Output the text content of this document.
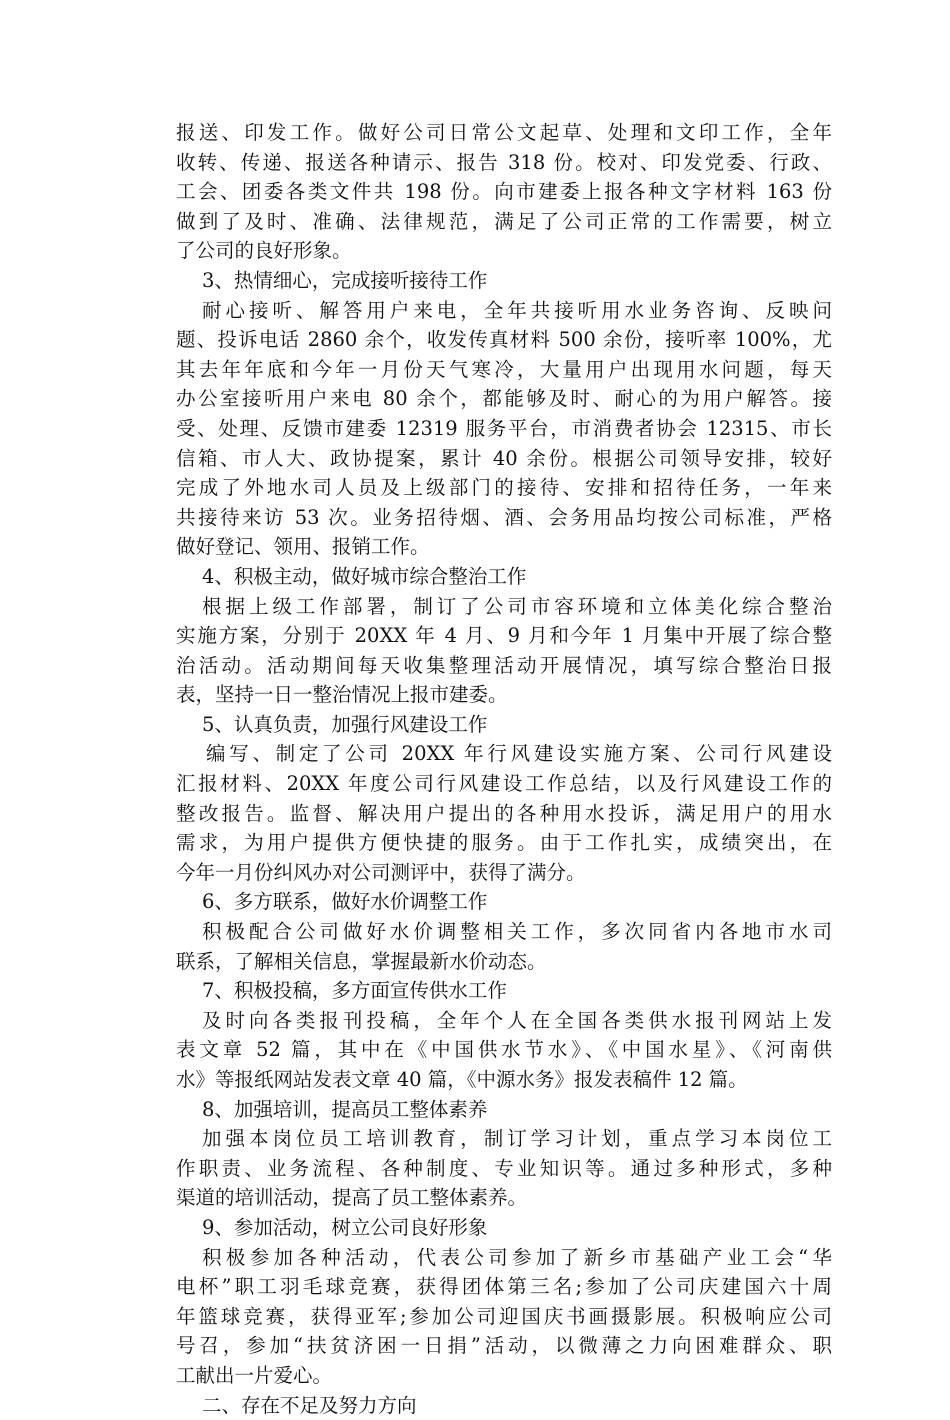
报送、印发工作。做好公司日常公文起草、处理和文印工作，全年
收转、传递、报送各种请示、报告 318 份。校对、印发党委、行政、
工会、团委各类文件共 198 份。向市建委上报各种文字材料 163 份
做到了及时、准确、法律规范，满足了公司正常的工作需要，树立
了公司的良好形象。
3、热情细心，完成接听接待工作
耐心接听、解答用户来电，全年共接听用水业务咨询、反映问
题、投诉电话 2860 余个，收发传真材料 500 余份，接听率 100%，尤
其去年年底和今年一月份天气寒冷，大量用户出现用水问题，每天
办公室接听用户来电 80 余个，都能够及时、耐心的为用户解答。接
受、处理、反馈市建委 12319 服务平台，市消费者协会 12315、市长
信箱、市人大、政协提案，累计 40 余份。根据公司领导安排，较好
完成了外地水司人员及上级部门的接待、安排和招待任务，一年来
共接待来访 53 次。业务招待烟、酒、会务用品均按公司标准，严格
做好登记、领用、报销工作。
4、积极主动，做好城市综合整治工作
根据上级工作部署，制订了公司市容环境和立体美化综合整治
实施方案，分别于 20XX 年 4 月、9 月和今年 1 月集中开展了综合整
治活动。活动期间每天收集整理活动开展情况，填写综合整治日报
表，坚持一日一整治情况上报市建委。
5、认真负责，加强行风建设工作
编写、制定了公司 20XX 年行风建设实施方案、公司行风建设
汇报材料、20XX 年度公司行风建设工作总结，以及行风建设工作的
整改报告。监督、解决用户提出的各种用水投诉，满足用户的用水
需求，为用户提供方便快捷的服务。由于工作扎实，成绩突出，在
今年一月份纠风办对公司测评中，获得了满分。
6、多方联系，做好水价调整工作
积极配合公司做好水价调整相关工作，多次同省内各地市水司
联系，了解相关信息，掌握最新水价动态。
7、积极投稿，多方面宣传供水工作
及时向各类报刊投稿，全年个人在全国各类供水报刊网站上发
表文章 52 篇，其中在《中国供水节水》、《中国水星》、《河南供
水》等报纸网站发表文章 40 篇，《中源水务》报发表稿件 12 篇。
8、加强培训，提高员工整体素养
加强本岗位员工培训教育，制订学习计划，重点学习本岗位工
作职责、业务流程、各种制度、专业知识等。通过多种形式，多种
渠道的培训活动，提高了员工整体素养。
9、参加活动，树立公司良好形象
积极参加各种活动，代表公司参加了新乡市基础产业工会“华
电杯”职工羽毛球竞赛，获得团体第三名;参加了公司庆建国六十周
年篮球竞赛，获得亚军;参加公司迎国庆书画摄影展。积极响应公司
号召，参加“扶贫济困一日捐”活动，以微薄之力向困难群众、职
工献出一片爱心。
二、存在不足及努力方向
